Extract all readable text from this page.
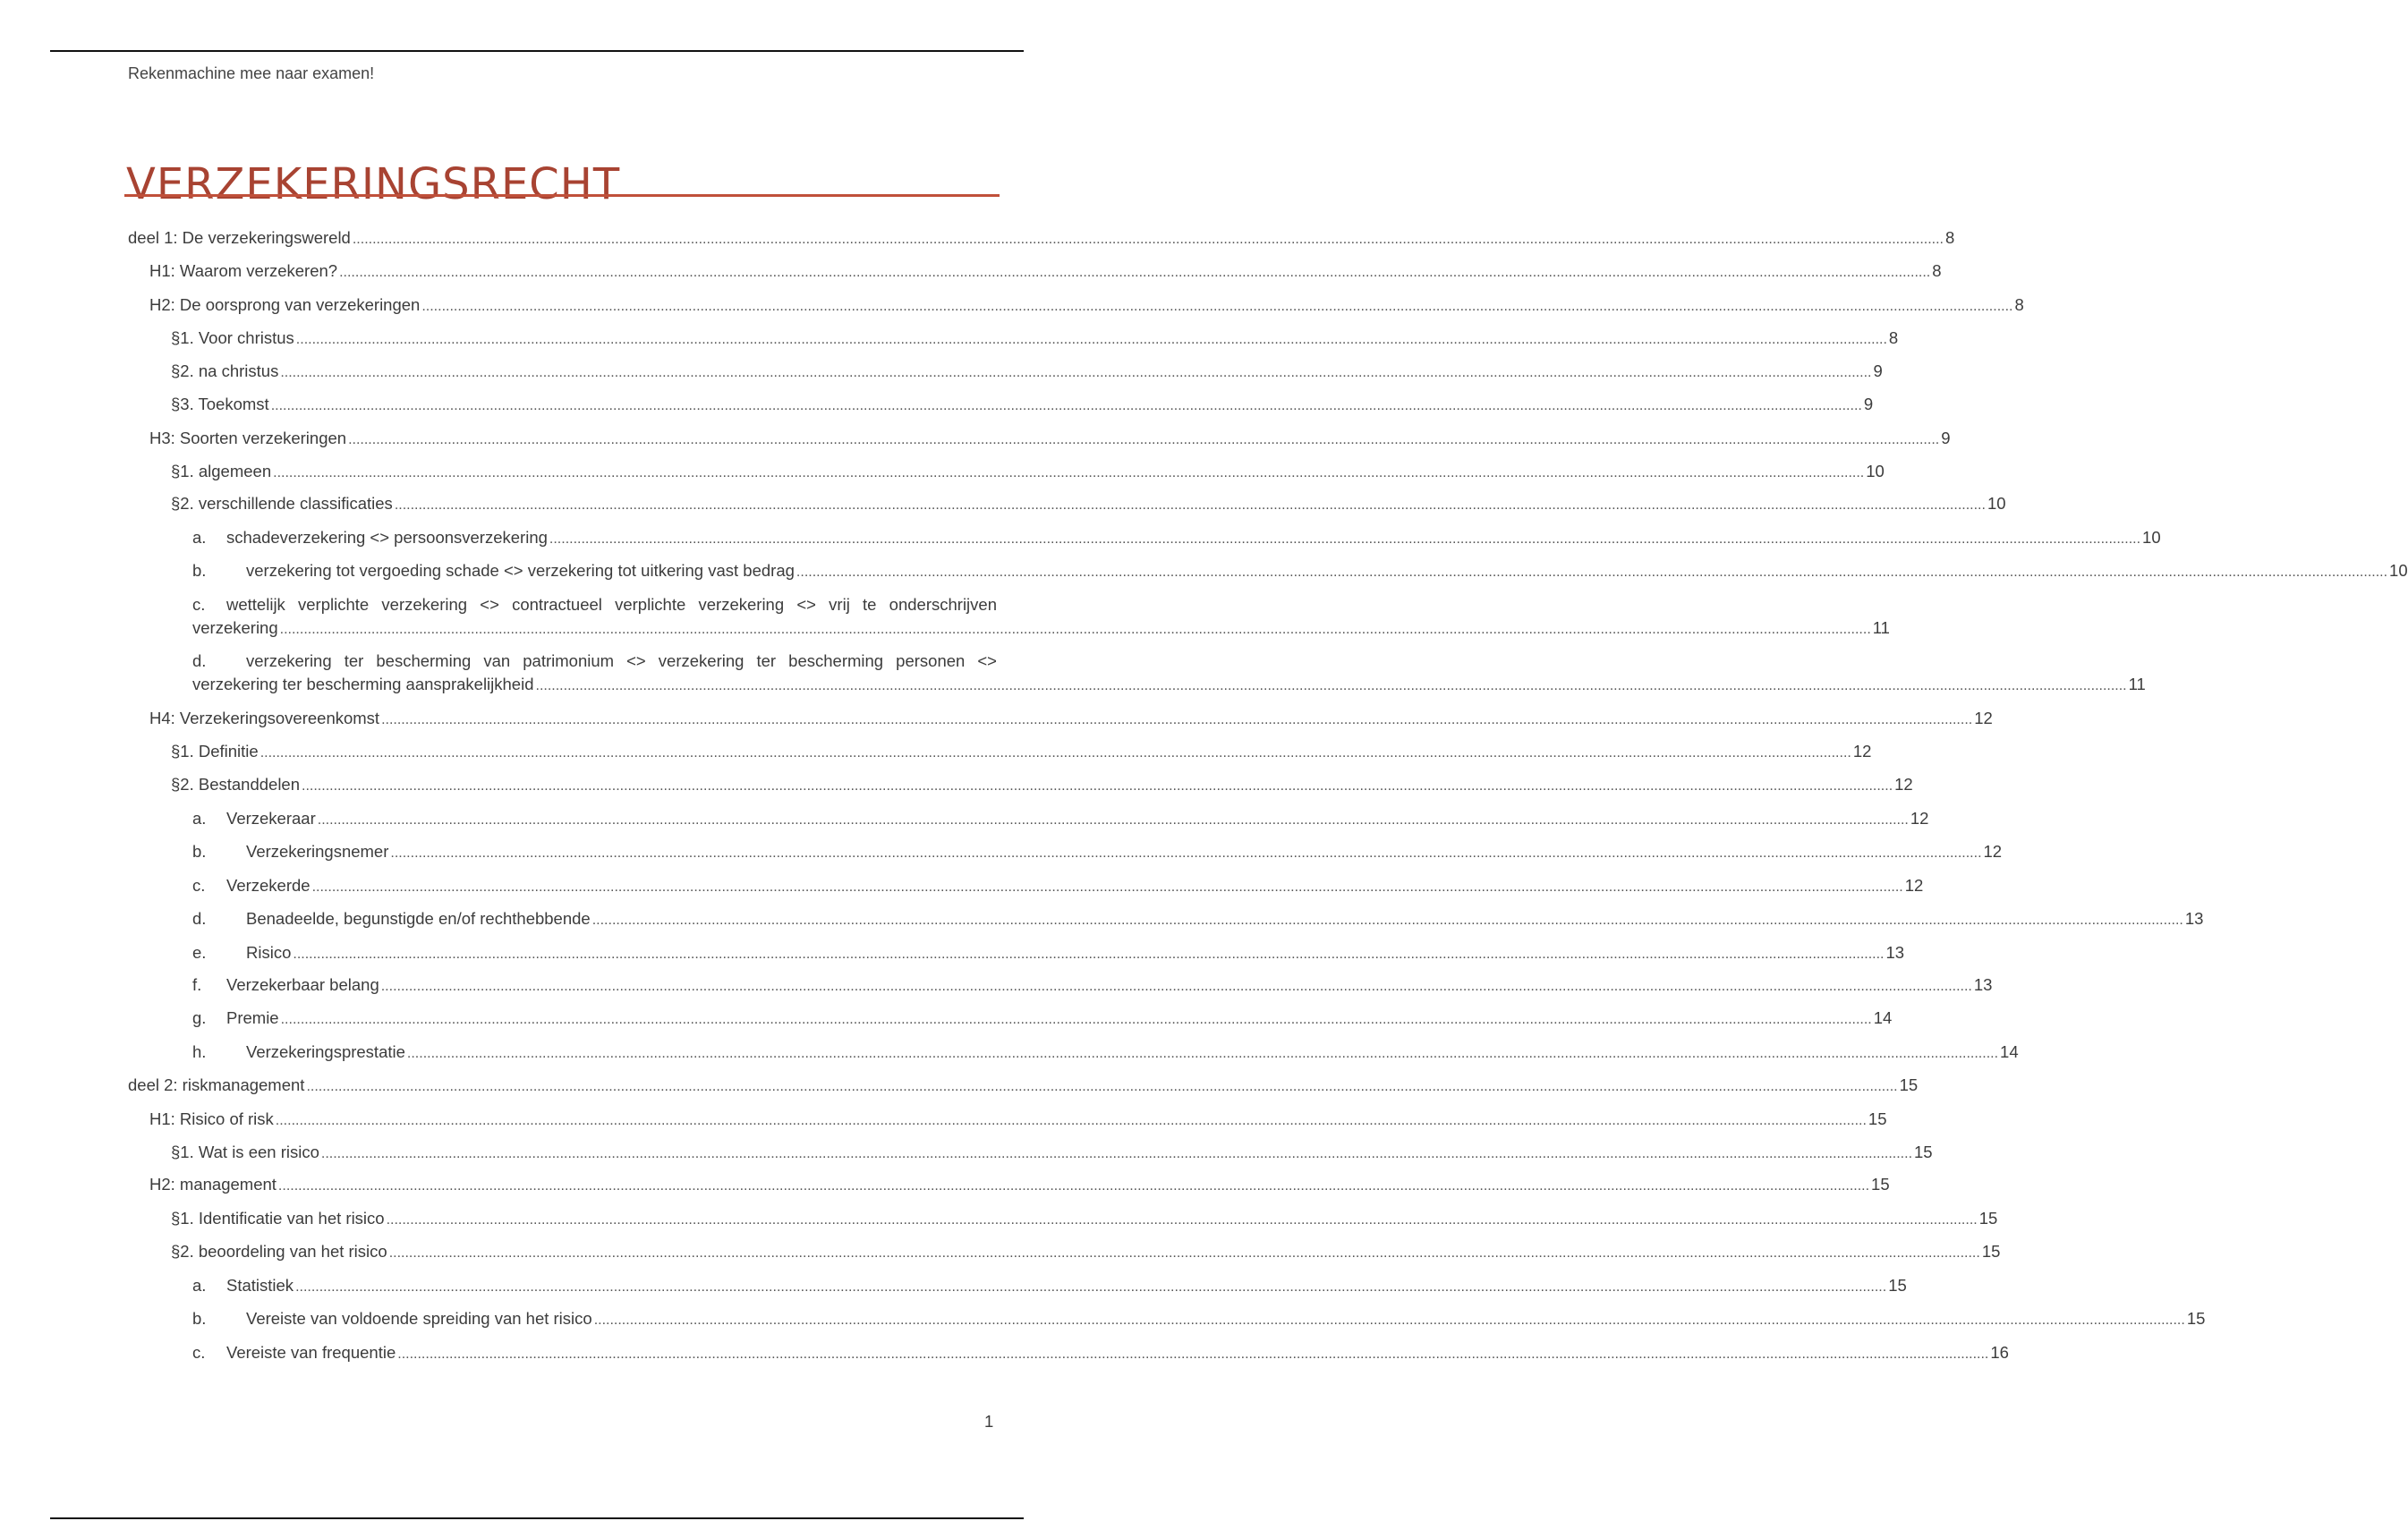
Rekenmachine mee naar examen!
VERZEKERINGSRECHT
deel 1: De verzekeringswereld ................................................................................................................................................................................................................................................................................................................................................................................................................ 8
H1: Waarom verzekeren? ................................................................................................................................................................................................................................................................................................................................................................................................................ 8
H2: De oorsprong van verzekeringen ................................................................................................................................................................................................................................................................................................................................................................................................................ 8
§1. Voor christus ................................................................................................................................................................................................................................................................................................................................................................................................................ 8
§2. na christus ................................................................................................................................................................................................................................................................................................................................................................................................................ 9
§3. Toekomst ................................................................................................................................................................................................................................................................................................................................................................................................................ 9
H3: Soorten verzekeringen ................................................................................................................................................................................................................................................................................................................................................................................................................ 9
§1. algemeen ................................................................................................................................................................................................................................................................................................................................................................................................................ 10
§2. verschillende classificaties ................................................................................................................................................................................................................................................................................................................................................................................................................ 10
a.	schadeverzekering <> persoonsverzekering ................................................................................................................................................................................................................................................................................................................................................................................................................ 10
b.	verzekering tot vergoeding schade <> verzekering tot uitkering vast bedrag ................................................................................................................................................................................................................................................................................................................................................................................................................ 10
c.	wettelijk verplichte verzekering <> contractueel verplichte verzekering <> vrij te onderschrijven
verzekering ................................................................................................................................................................................................................................................................................................................................................................................................................ 11
d.	verzekering ter bescherming van patrimonium <> verzekering ter bescherming personen <>
verzekering ter bescherming aansprakelijkheid ................................................................................................................................................................................................................................................................................................................................................................................................................ 11
H4: Verzekeringsovereenkomst ................................................................................................................................................................................................................................................................................................................................................................................................................ 12
§1. Definitie ................................................................................................................................................................................................................................................................................................................................................................................................................ 12
§2. Bestanddelen ................................................................................................................................................................................................................................................................................................................................................................................................................ 12
a.	Verzekeraar ................................................................................................................................................................................................................................................................................................................................................................................................................ 12
b.	Verzekeringsnemer ................................................................................................................................................................................................................................................................................................................................................................................................................ 12
c.	Verzekerde ................................................................................................................................................................................................................................................................................................................................................................................................................ 12
d.	Benadeelde, begunstigde en/of rechthebbende ................................................................................................................................................................................................................................................................................................................................................................................................................ 13
e.	Risico ................................................................................................................................................................................................................................................................................................................................................................................................................ 13
f.	Verzekerbaar belang ................................................................................................................................................................................................................................................................................................................................................................................................................ 13
g.	Premie ................................................................................................................................................................................................................................................................................................................................................................................................................ 14
h.	Verzekeringsprestatie ................................................................................................................................................................................................................................................................................................................................................................................................................ 14
deel 2: riskmanagement ................................................................................................................................................................................................................................................................................................................................................................................................................ 15
H1: Risico of risk ................................................................................................................................................................................................................................................................................................................................................................................................................ 15
§1. Wat is een risico ................................................................................................................................................................................................................................................................................................................................................................................................................ 15
H2: management ................................................................................................................................................................................................................................................................................................................................................................................................................ 15
§1. Identificatie van het risico ................................................................................................................................................................................................................................................................................................................................................................................................................ 15
§2. beoordeling van het risico ................................................................................................................................................................................................................................................................................................................................................................................................................ 15
a.	Statistiek ................................................................................................................................................................................................................................................................................................................................................................................................................ 15
b.	Vereiste van voldoende spreiding van het risico ................................................................................................................................................................................................................................................................................................................................................................................................................ 15
c.	Vereiste van frequentie ................................................................................................................................................................................................................................................................................................................................................................................................................ 16
1
